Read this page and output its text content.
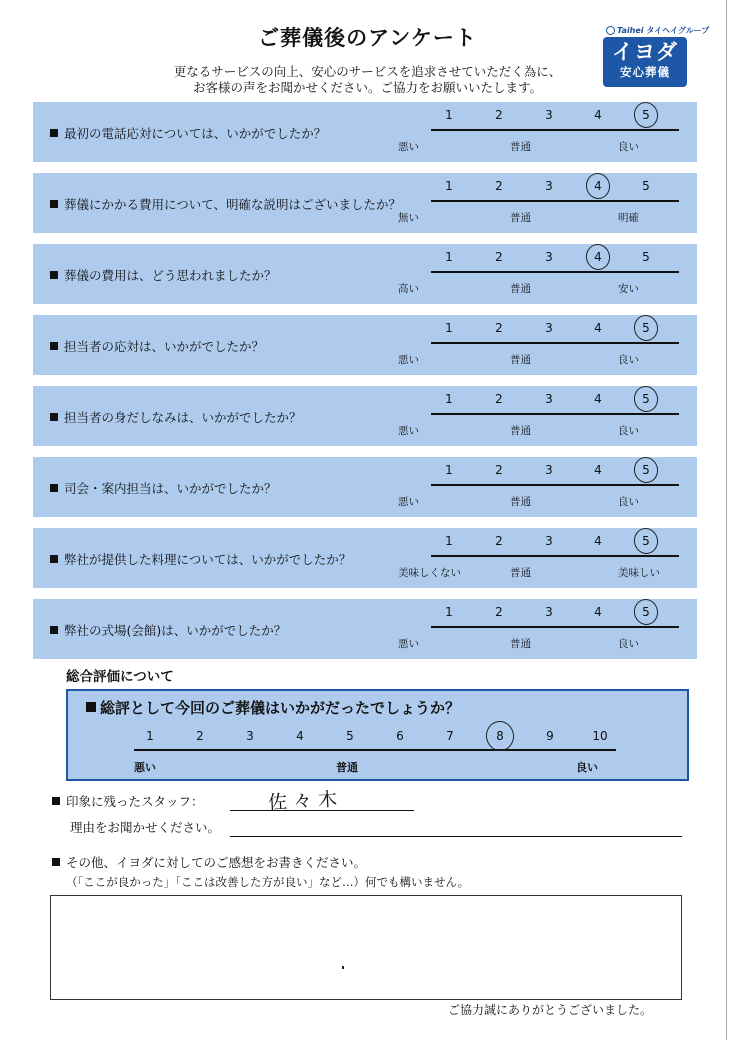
ご葬儀後のアンケート
更なるサービスの向上、安心のサービスを追求させていただく為に、
お客様の声をお聞かせください。ご協力をお願いいたします。
Taihei タイヘイグループ
イヨダ
安心葬儀
最初の電話応対については、いかがでしたか？
1	2	3	4	5
悪い	普通	良い
葬儀にかかる費用について、明確な説明はございましたか？
1	2	3	4	5
無い	普通	明確
葬儀の費用は、どう思われましたか？
1	2	3	4	5
高い	普通	安い
担当者の応対は、いかがでしたか？
1	2	3	4	5
悪い	普通	良い
担当者の身だしなみは、いかがでしたか？
1	2	3	4	5
悪い	普通	良い
司会・案内担当は、いかがでしたか？
1	2	3	4	5
悪い	普通	良い
弊社が提供した料理については、いかがでしたか？
1	2	3	4	5
美味しくない	普通	美味しい
弊社の式場(会館)は、いかがでしたか？
1	2	3	4	5
悪い	普通	良い
総合評価について
総評として今回のご葬儀はいかがだったでしょうか？
1	2	3	4	5	6	7	8	9	10
悪い	普通	良い
印象に残ったスタッフ：	佐々木
理由をお聞かせください。
その他、イヨダに対してのご感想をお書きください。
（「ここが良かった」「ここは改善した方が良い」など…）何でも構いません。
ご協力誠にありがとうございました。
